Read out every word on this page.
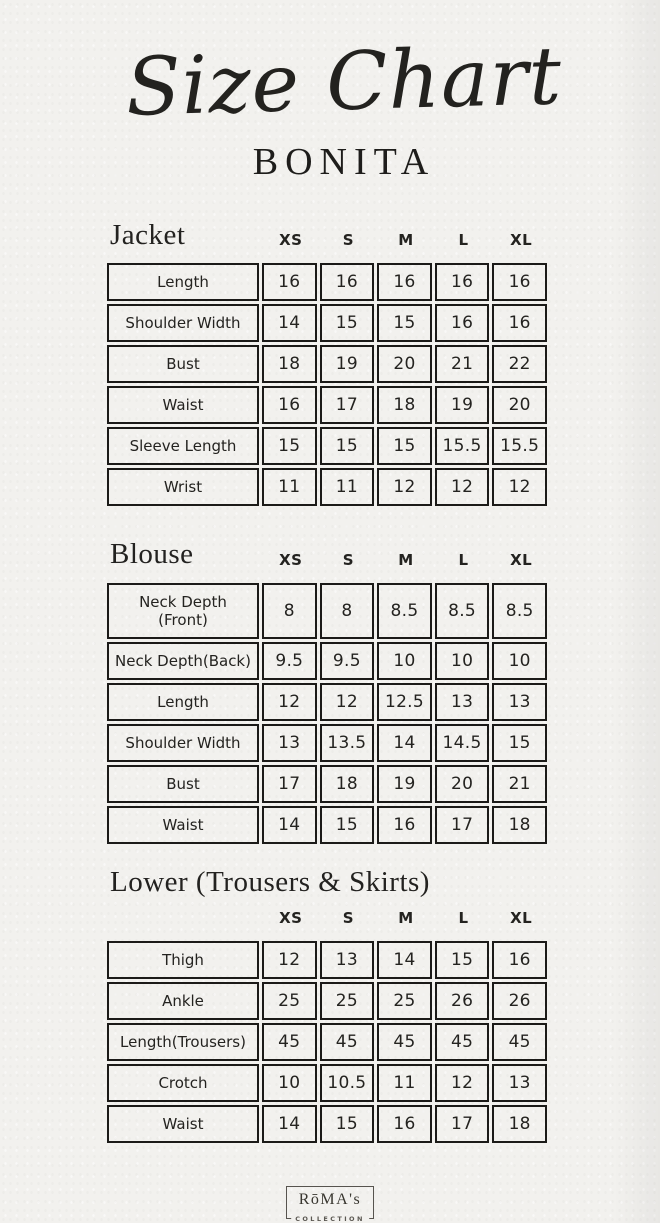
Size Chart
BONITA
Jacket	XS	S	M	L	XL
Length	16	16	16	16	16
Shoulder Width	14	15	15	16	16
Bust	18	19	20	21	22
Waist	16	17	18	19	20
Sleeve Length	15	15	15	15.5	15.5
Wrist	11	11	12	12	12
Blouse	XS	S	M	L	XL
Neck Depth (Front)	8	8	8.5	8.5	8.5
Neck Depth(Back)	9.5	9.5	10	10	10
Length	12	12	12.5	13	13
Shoulder Width	13	13.5	14	14.5	15
Bust	17	18	19	20	21
Waist	14	15	16	17	18
Lower (Trousers & Skirts)
XS	S	M	L	XL
Thigh	12	13	14	15	16
Ankle	25	25	25	26	26
Length(Trousers)	45	45	45	45	45
Crotch	10	10.5	11	12	13
Waist	14	15	16	17	18
RōMA's
COLLECTION
